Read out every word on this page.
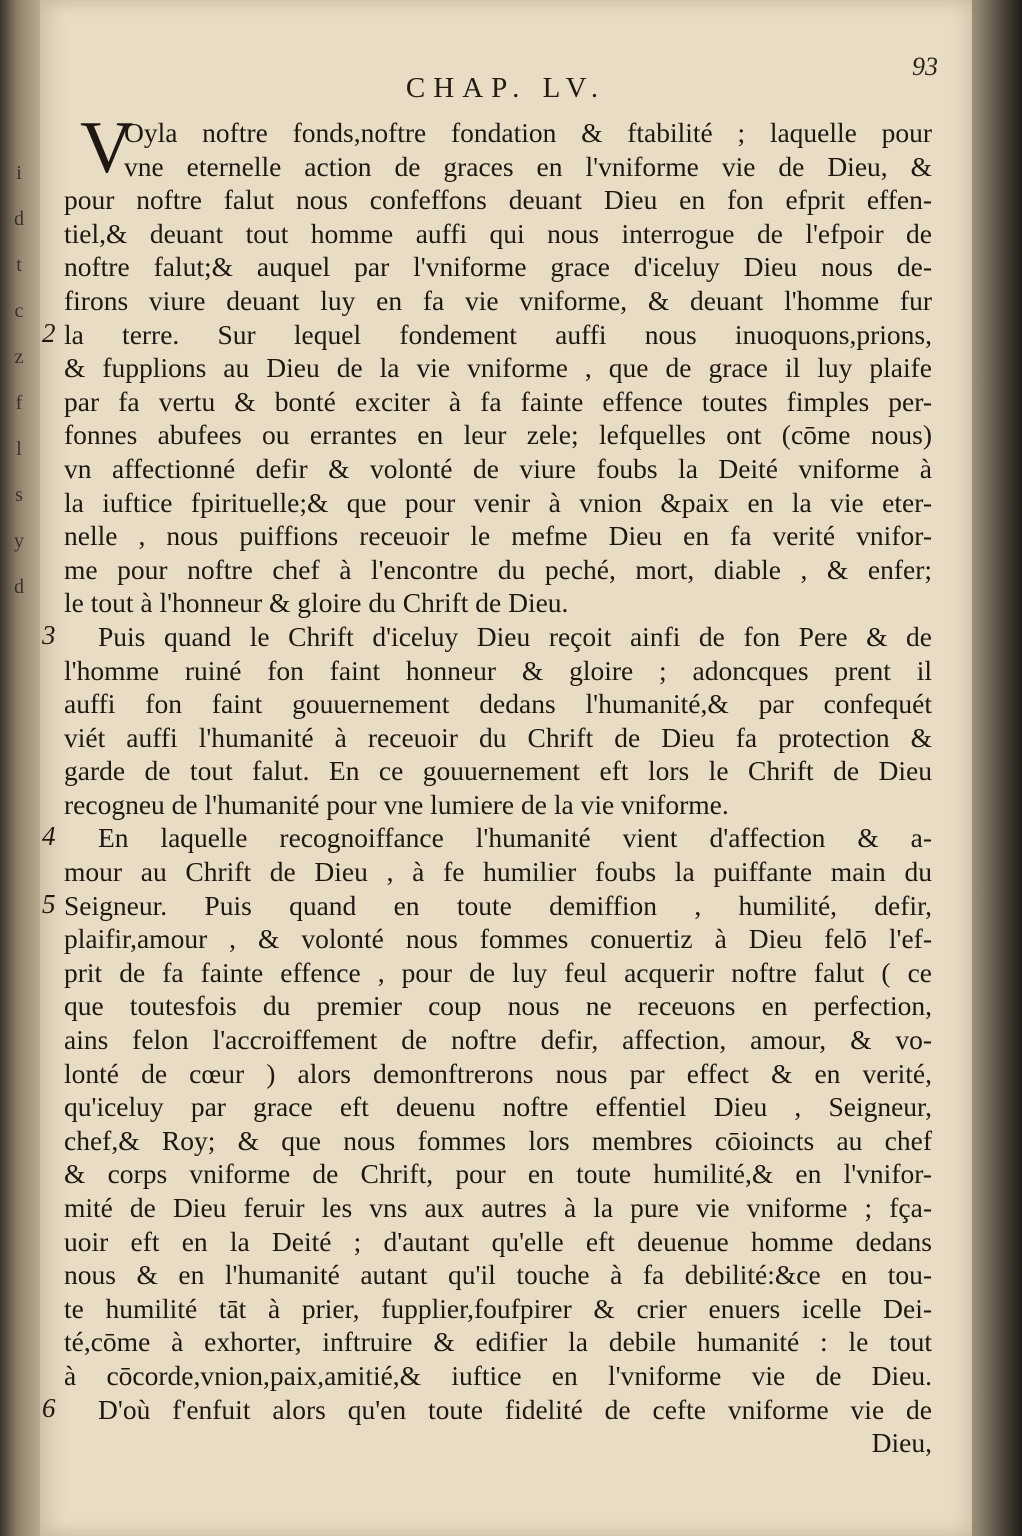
i
d
t
c
z
f
l
s
y
d
93
CHAP. LV.
V
Oyla noftre fonds,noftre fondation & ftabilité ; laquelle pour
vne eternelle action de graces en l'vniforme vie de Dieu, &
pour noftre falut nous confeffons deuant Dieu en fon efprit effen-
tiel,& deuant tout homme auffi qui nous interrogue de l'efpoir de
noftre falut;& auquel par l'vniforme grace d'iceluy Dieu nous de-
firons viure deuant luy en fa vie vniforme, & deuant l'homme fur
2 la terre. Sur lequel fondement auffi nous inuoquons,prions,
& fupplions au Dieu de la vie vniforme , que de grace il luy plaife
par fa vertu & bonté exciter à fa fainte effence toutes fimples per-
fonnes abufees ou errantes en leur zele; lefquelles ont (cōme nous)
vn affectionné defir & volonté de viure foubs la Deité vniforme à
la iuftice fpirituelle;& que pour venir à vnion &paix en la vie eter-
nelle , nous puiffions receuoir le mefme Dieu en fa verité vnifor-
me pour noftre chef à l'encontre du peché, mort, diable , & enfer;
le tout à l'honneur & gloire du Chrift de Dieu.
3	Puis quand le Chrift d'iceluy Dieu reçoit ainfi de fon Pere & de
l'homme ruiné fon faint honneur & gloire ; adoncques prent il
auffi fon faint gouuernement dedans l'humanité,& par confequét
viét auffi l'humanité à receuoir du Chrift de Dieu fa protection &
garde de tout falut. En ce gouuernement eft lors le Chrift de Dieu
recogneu de l'humanité pour vne lumiere de la vie vniforme.
4	En laquelle recognoiffance l'humanité vient d'affection & a-
mour au Chrift de Dieu , à fe humilier foubs la puiffante main du
5 Seigneur. Puis quand en toute demiffion , humilité, defir,
plaifir,amour , & volonté nous fommes conuertiz à Dieu felō l'ef-
prit de fa fainte effence , pour de luy feul acquerir noftre falut ( ce
que toutesfois du premier coup nous ne receuons en perfection,
ains felon l'accroiffement de noftre defir, affection, amour, & vo-
lonté de cœur ) alors demonftrerons nous par effect & en verité,
qu'iceluy par grace eft deuenu noftre effentiel Dieu , Seigneur,
chef,& Roy; & que nous fommes lors membres cōioincts au chef
& corps vniforme de Chrift, pour en toute humilité,& en l'vnifor-
mité de Dieu feruir les vns aux autres à la pure vie vniforme ; fça-
uoir eft en la Deité ; d'autant qu'elle eft deuenue homme dedans
nous & en l'humanité autant qu'il touche à fa debilité:&ce en tou-
te humilité tāt à prier, fupplier,foufpirer & crier enuers icelle Dei-
té,cōme à exhorter, inftruire & edifier la debile humanité : le tout
à cōcorde,vnion,paix,amitié,& iuftice en l'vniforme vie de Dieu.
6	D'où f'enfuit alors qu'en toute fidelité de cefte vniforme vie de
Dieu,
